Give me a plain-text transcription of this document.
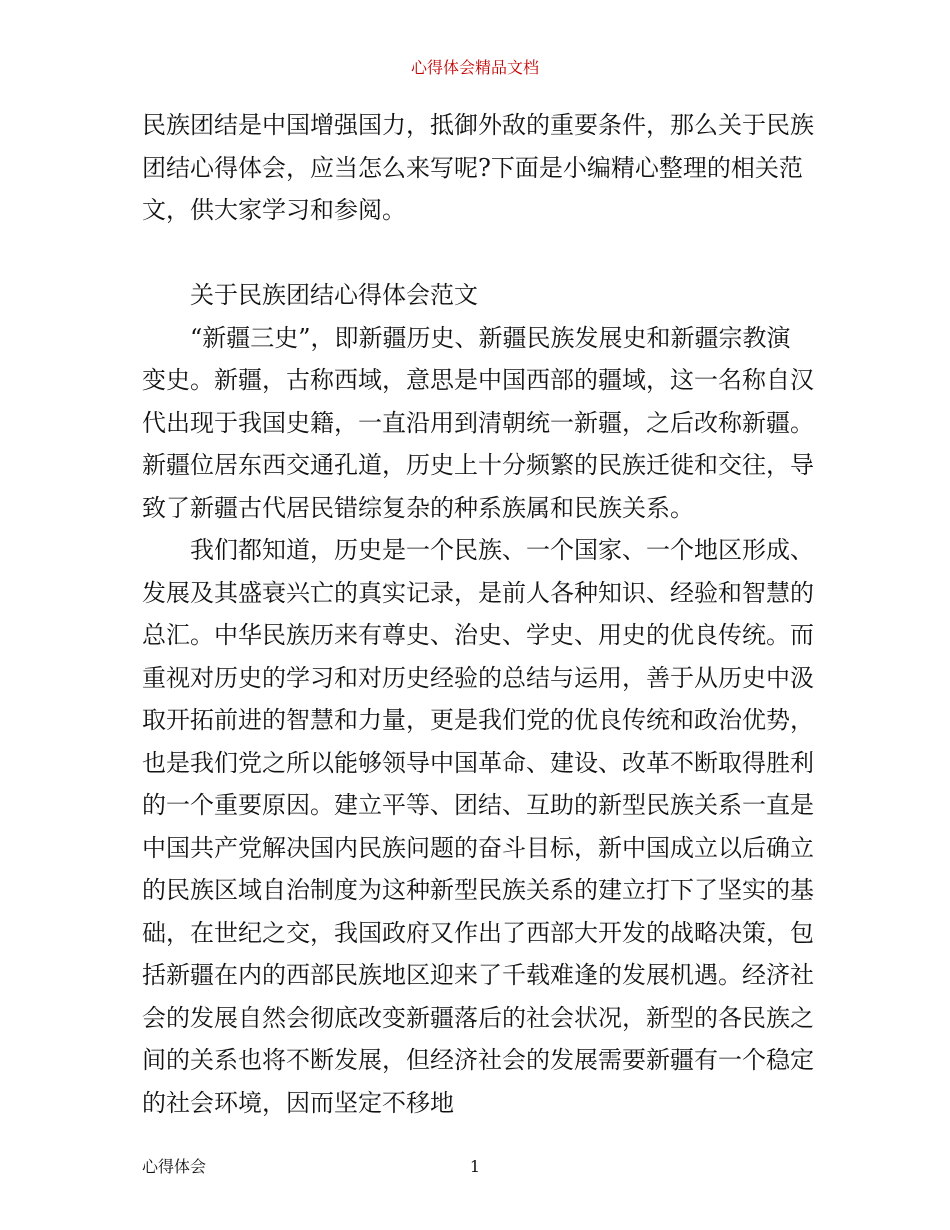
心得体会精品文档

民族团结是中国增强国力，抵御外敌的重要条件，那么关于民族团结心得体会，应当怎么来写呢?下面是小编精心整理的相关范文，供大家学习和参阅。

关于民族团结心得体会范文

“新疆三史”，即新疆历史、新疆民族发展史和新疆宗教演变史。新疆，古称西域，意思是中国西部的疆域，这一名称自汉代出现于我国史籍，一直沿用到清朝统一新疆，之后改称新疆。新疆位居东西交通孔道，历史上十分频繁的民族迁徙和交往，导致了新疆古代居民错综复杂的种系族属和民族关系。

我们都知道，历史是一个民族、一个国家、一个地区形成、发展及其盛衰兴亡的真实记录，是前人各种知识、经验和智慧的总汇。中华民族历来有尊史、治史、学史、用史的优良传统。而重视对历史的学习和对历史经验的总结与运用，善于从历史中汲取开拓前进的智慧和力量，更是我们党的优良传统和政治优势，也是我们党之所以能够领导中国革命、建设、改革不断取得胜利的一个重要原因。建立平等、团结、互助的新型民族关系一直是中国共产党解决国内民族问题的奋斗目标，新中国成立以后确立的民族区域自治制度为这种新型民族关系的建立打下了坚实的基础，在世纪之交，我国政府又作出了西部大开发的战略决策，包括新疆在内的西部民族地区迎来了千载难逢的发展机遇。经济社会的发展自然会彻底改变新疆落后的社会状况，新型的各民族之间的关系也将不断发展，但经济社会的发展需要新疆有一个稳定的社会环境，因而坚定不移地

心得体会	1
